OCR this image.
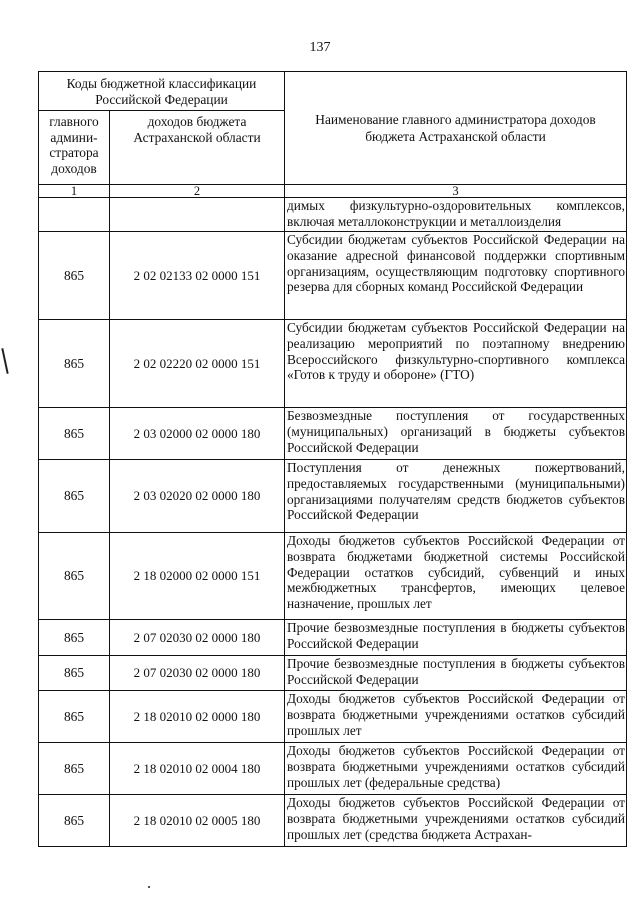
137
Коды бюджетной классификации Российской Федерации		Наименование главного администратора доходов бюджета Астраханской области
главного админи-стратора доходов	доходов бюджета Астраханской области	
1	2	3
		димых физкультурно-оздоровительных комплексов, включая металлоконструкции и металлоизделия
865	2 02 02133 02 0000 151	Субсидии бюджетам субъектов Российской Федерации на оказание адресной финансовой поддержки спортивным организациям, осуществляющим подготовку спортивного резерва для сборных команд Российской Федерации
865	2 02 02220 02 0000 151	Субсидии бюджетам субъектов Российской Федерации на реализацию мероприятий по поэтапному внедрению Всероссийского физкультурно-спортивного комплекса «Готов к труду и обороне» (ГТО)
865	2 03 02000 02 0000 180	Безвозмездные поступления от государственных (муниципальных) организаций в бюджеты субъектов Российской Федерации
865	2 03 02020 02 0000 180	Поступления от денежных пожертвований, предоставляемых государственными (муниципальными) организациями получателям средств бюджетов субъектов Российской Федерации
865	2 18 02000 02 0000 151	Доходы бюджетов субъектов Российской Федерации от возврата бюджетами бюджетной системы Российской Федерации остатков субсидий, субвенций и иных межбюджетных трансфертов, имеющих целевое назначение, прошлых лет
865	2 07 02030 02 0000 180	Прочие безвозмездные поступления в бюджеты субъектов Российской Федерации
865	2 07 02030 02 0000 180	Прочие безвозмездные поступления в бюджеты субъектов Российской Федерации
865	2 18 02010 02 0000 180	Доходы бюджетов субъектов Российской Федерации от возврата бюджетными учреждениями остатков субсидий прошлых лет
865	2 18 02010 02 0004 180	Доходы бюджетов субъектов Российской Федерации от возврата бюджетными учреждениями остатков субсидий прошлых лет (федеральные средства)
865	2 18 02010 02 0005 180	Доходы бюджетов субъектов Российской Федерации от возврата бюджетными учреждениями остатков субсидий прошлых лет (средства бюджета Астрахан-
